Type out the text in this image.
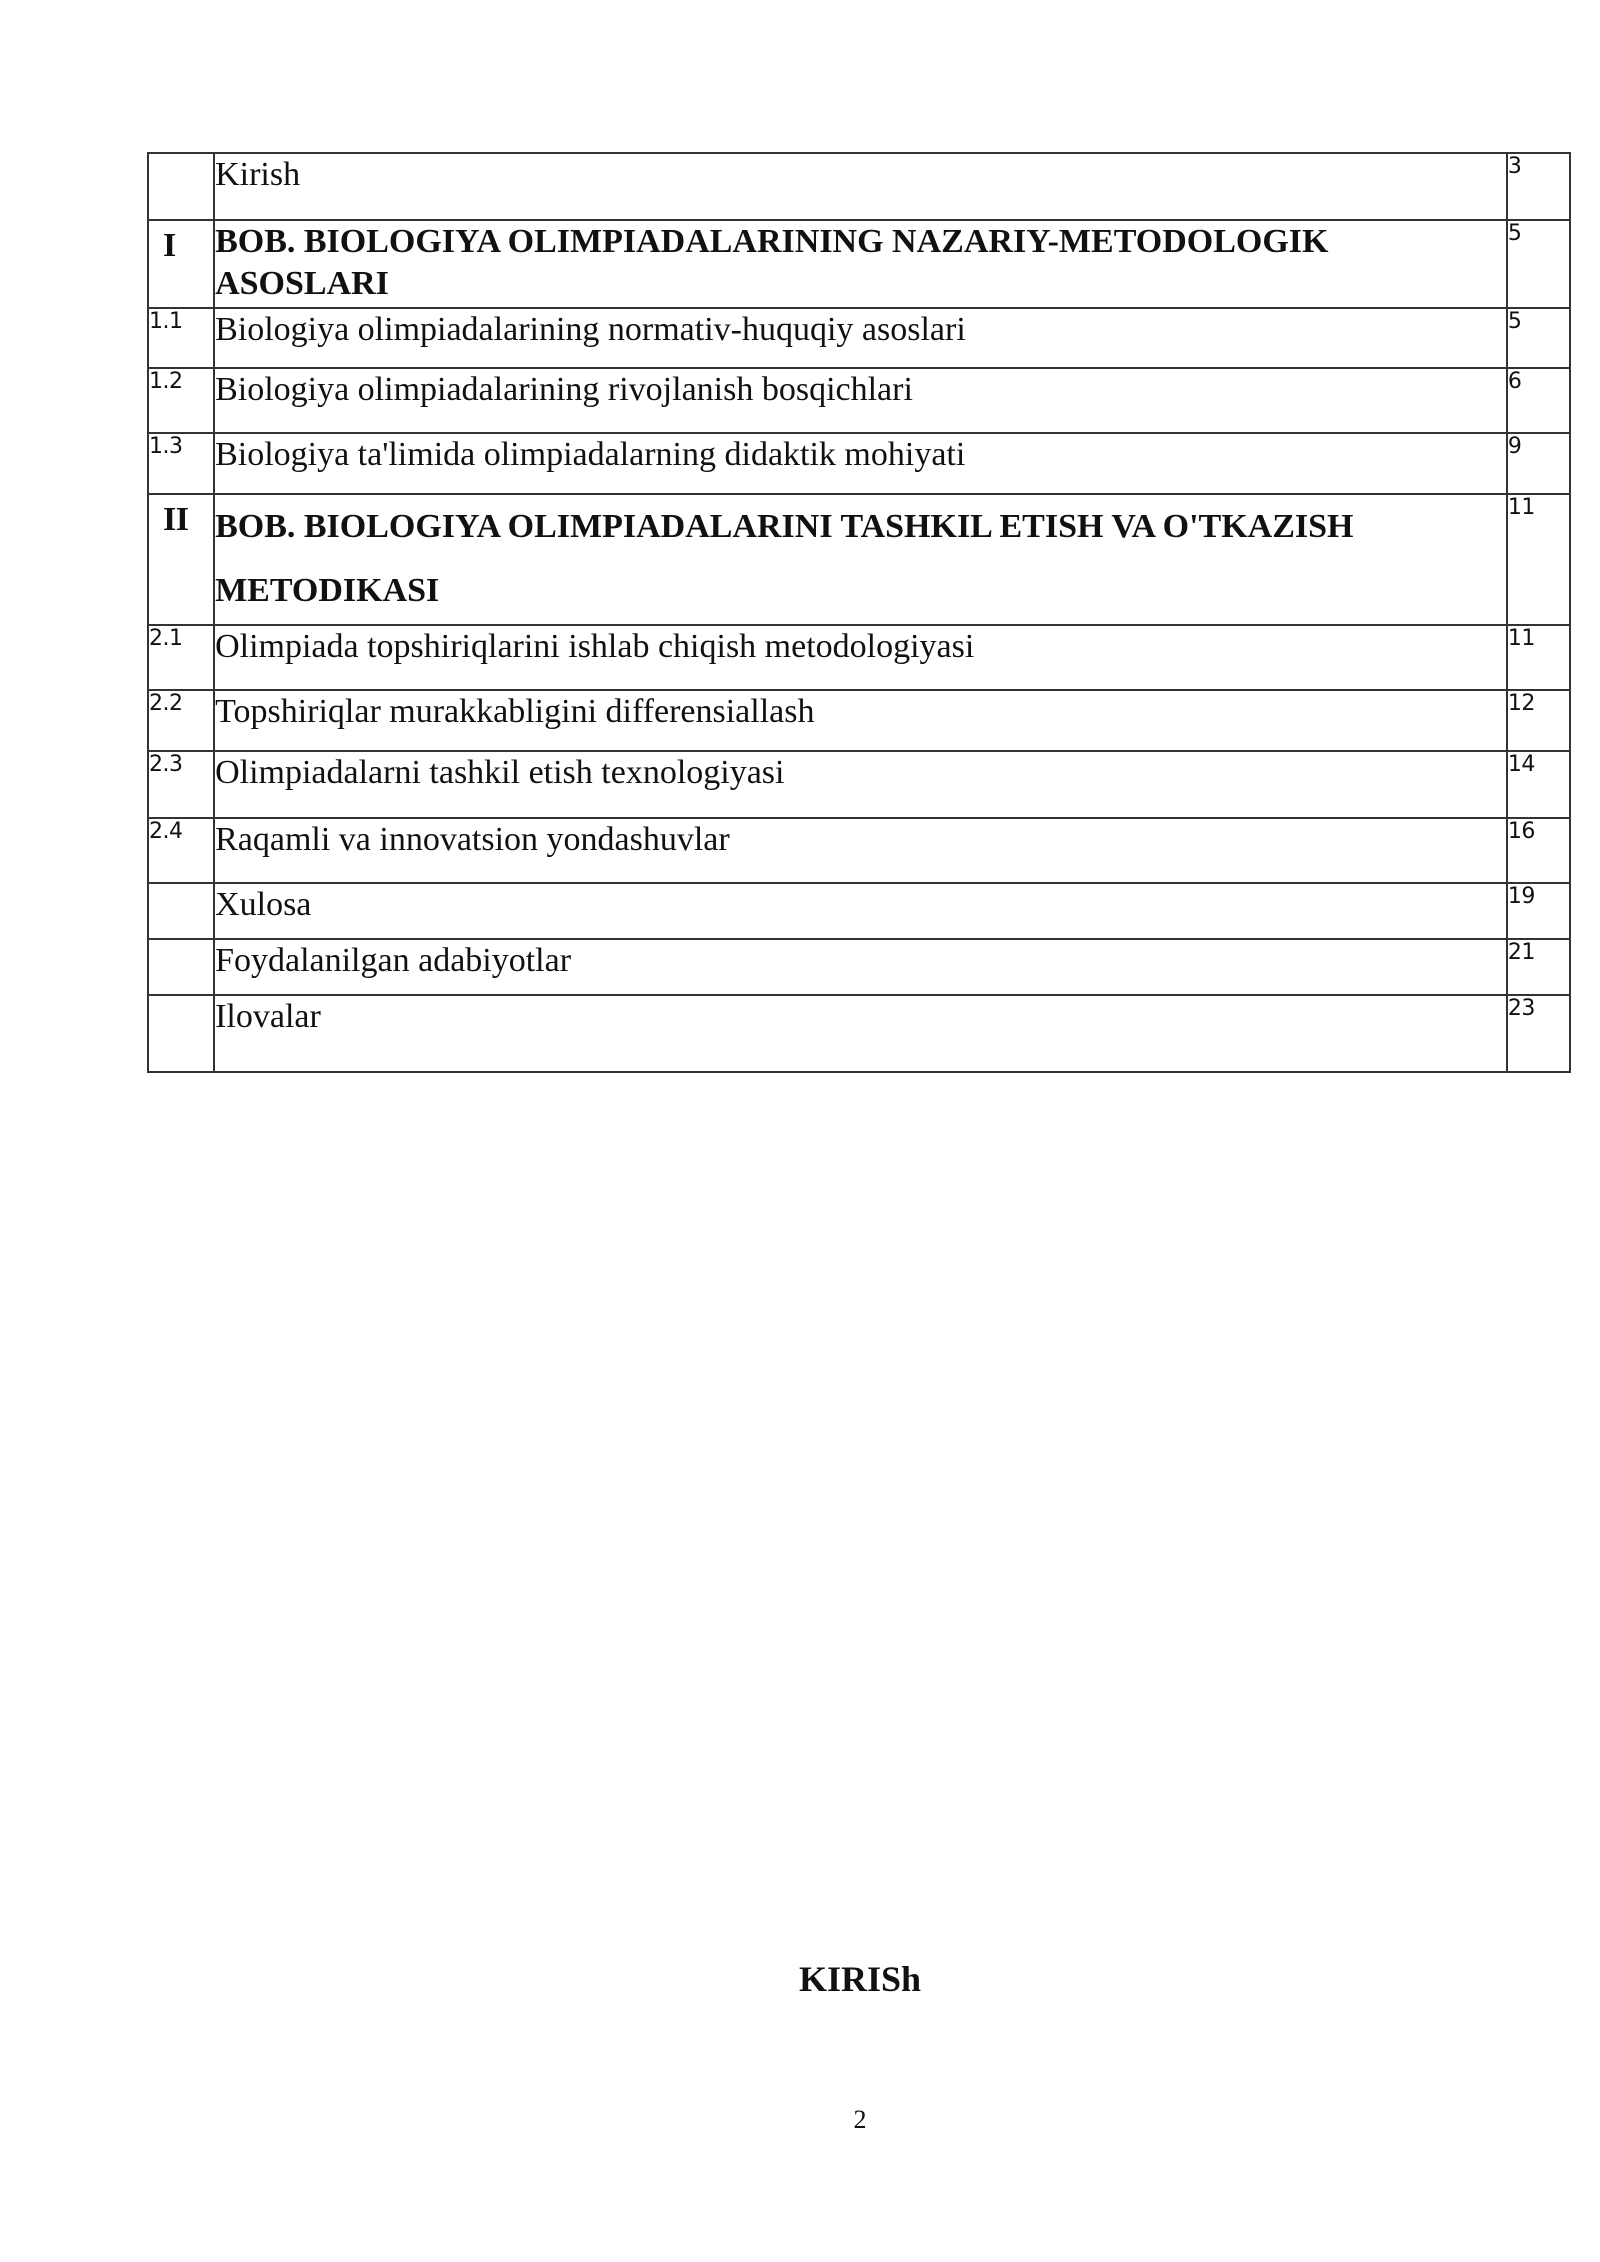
	Kirish	3
I	BOB. BIOLOGIYA OLIMPIADALARINING NAZARIY-METODOLOGIK ASOSLARI	5
1.1	Biologiya olimpiadalarining normativ-huquqiy asoslari	5
1.2	Biologiya olimpiadalarining rivojlanish bosqichlari	6
1.3	Biologiya ta'limida olimpiadalarning didaktik mohiyati	9
II	BOB. BIOLOGIYA OLIMPIADALARINI TASHKIL ETISH VA O'TKAZISH METODIKASI	11
2.1	Olimpiada topshiriqlarini ishlab chiqish metodologiyasi	11
2.2	Topshiriqlar murakkabligini differensiallash	12
2.3	Olimpiadalarni tashkil etish texnologiyasi	14
2.4	Raqamli va innovatsion yondashuvlar	16
	Xulosa	19
	Foydalanilgan adabiyotlar	21
	Ilovalar	23
KIRISh
2
